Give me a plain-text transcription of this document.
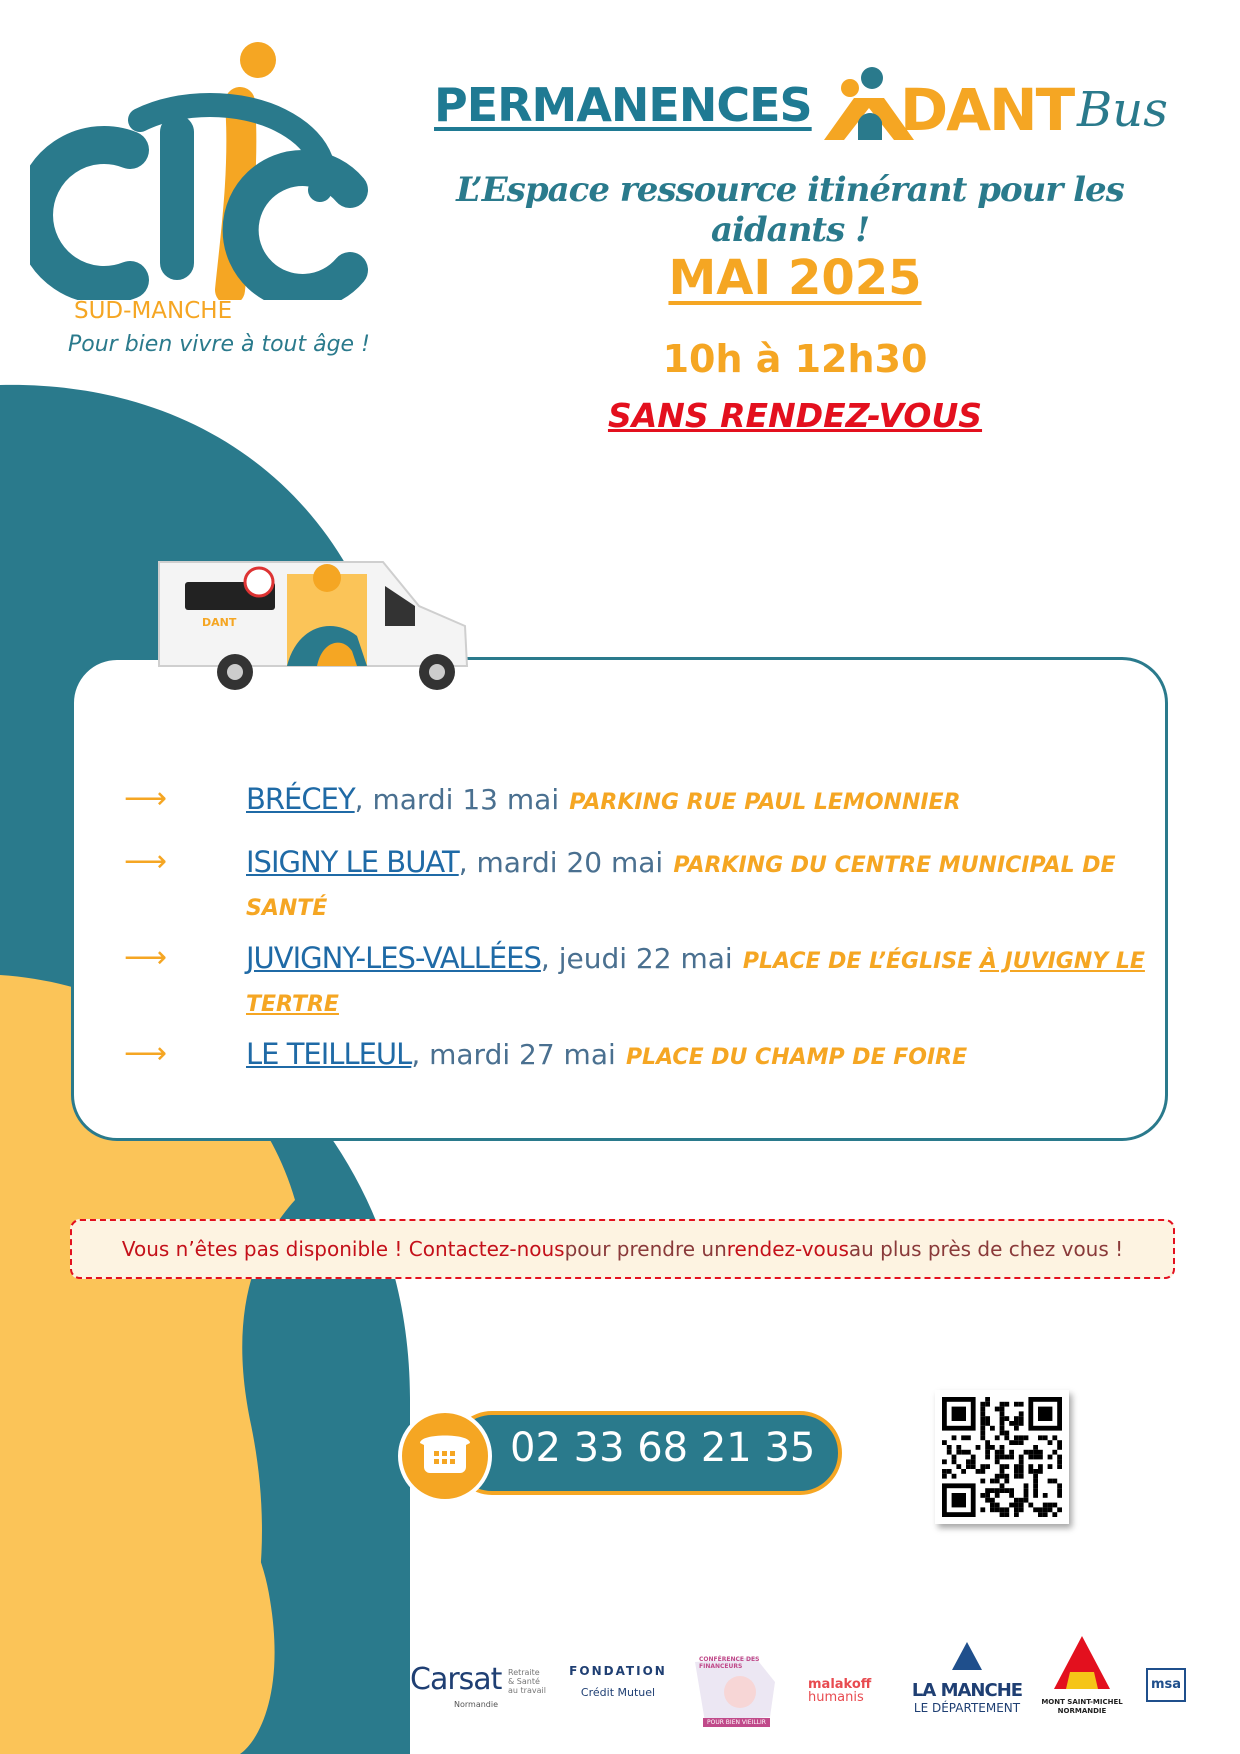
SUD-MANCHE
Pour bien vivre à tout âge !
PERMANENCES DANT Bus
L’Espace ressource itinérant pour les aidants !
MAI 2025
10h à 12h30
SANS RENDEZ-VOUS
⟶	BRÉCEY, mardi 13 mai PARKING RUE PAUL LEMONNIER
⟶	ISIGNY LE BUAT, mardi 20 mai PARKING DU CENTRE MUNICIPAL DE SANTÉ
⟶	JUVIGNY-LES-VALLÉES, jeudi 22 mai PLACE DE L’ÉGLISE À JUVIGNY LE TERTRE
⟶	LE TEILLEUL, mardi 27 mai PLACE DU CHAMP DE FOIRE
DANT
Vous n’êtes pas disponible ! Contactez-nous pour prendre un rendez-vous au plus près de chez vous !
02 33 68 21 35
Carsat Retraite
& Santé
au travail
Normandie
FONDATION
Crédit Mutuel
CONFÉRENCE DES FINANCEURS
POUR BIEN VIEILLIR
malakoff
humanis	LA MANCHE
LE DÉPARTEMENT	MONT SAINT-MICHEL
NORMANDIE
msa
